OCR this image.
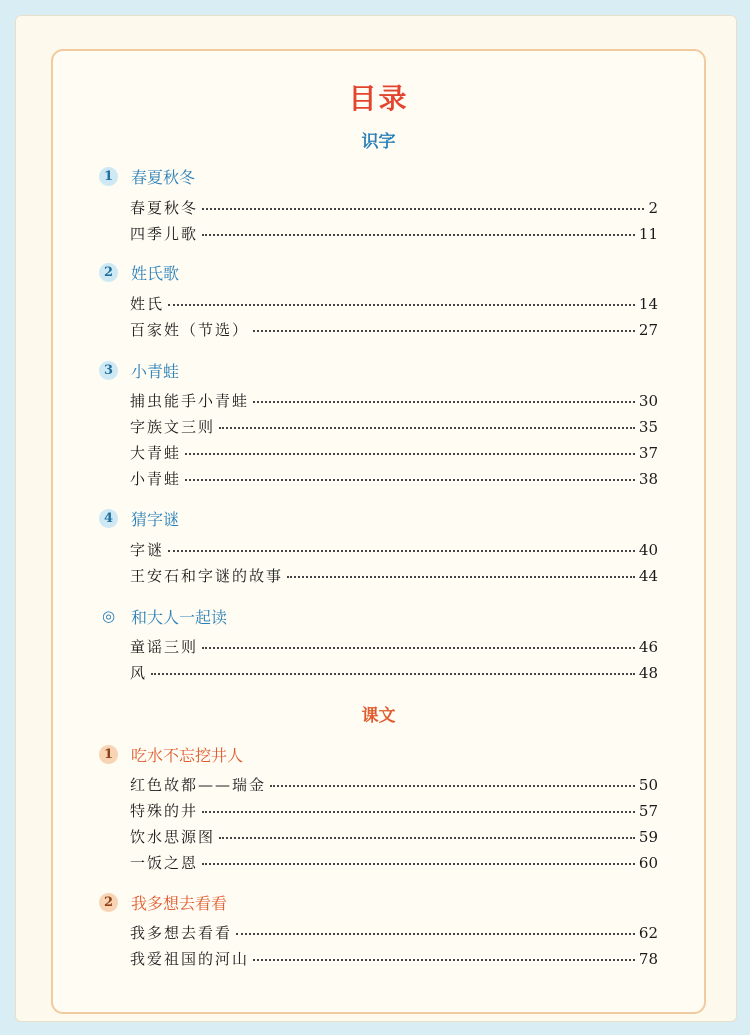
目录
识字
1	春夏秋冬
春夏秋冬	2
四季儿歌	11
2	姓氏歌
姓氏	14
百家姓（节选）	27
3	小青蛙
捕虫能手小青蛙	30
字族文三则	35
大青蛙	37
小青蛙	38
4	猜字谜
字谜	40
王安石和字谜的故事	44
◎ 和大人一起读
童谣三则	46
风	48
课文
1	吃水不忘挖井人
红色故都——瑞金	50
特殊的井	57
饮水思源图	59
一饭之恩	60
2	我多想去看看
我多想去看看	62
我爱祖国的河山	78
